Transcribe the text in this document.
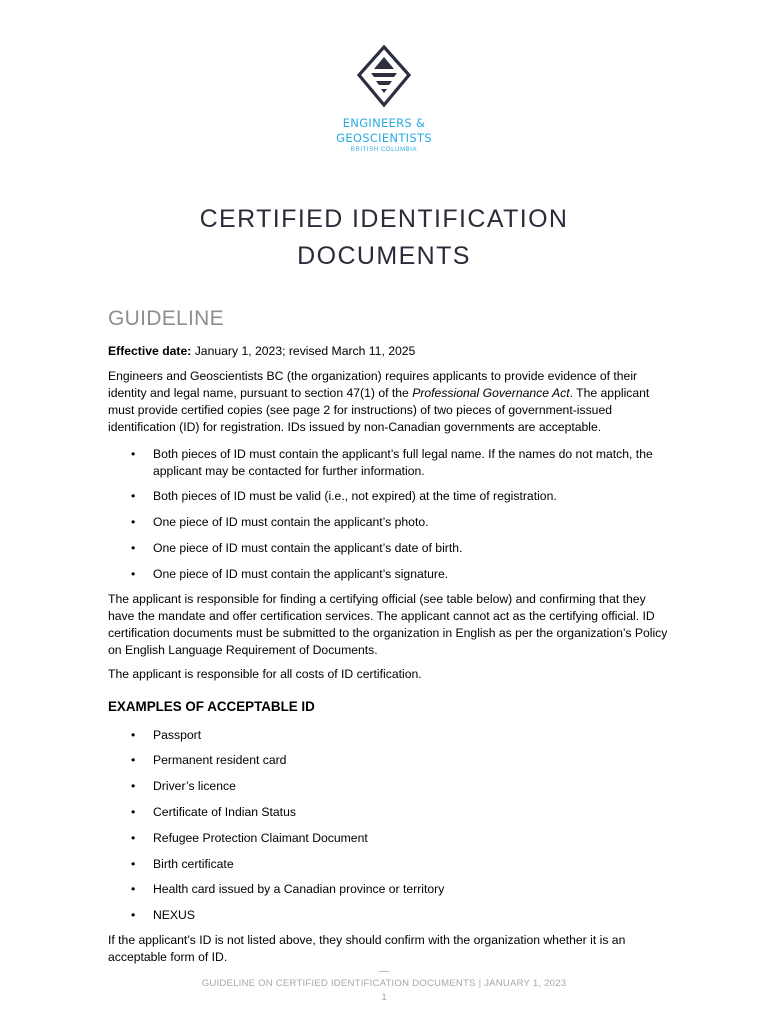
ENGINEERS &
GEOSCIENTISTS
BRITISH COLUMBIA
CERTIFIED IDENTIFICATION
DOCUMENTS
GUIDELINE

Effective date: January 1, 2023; revised March 11, 2025

Engineers and Geoscientists BC (the organization) requires applicants to provide evidence of their identity and legal name, pursuant to section 47(1) of the Professional Governance Act. The applicant must provide certified copies (see page 2 for instructions) of two pieces of government-issued identification (ID) for registration. IDs issued by non-Canadian governments are acceptable.

• Both pieces of ID must contain the applicant’s full legal name. If the names do not match, the applicant may be contacted for further information.
• Both pieces of ID must be valid (i.e., not expired) at the time of registration.
• One piece of ID must contain the applicant’s photo.
• One piece of ID must contain the applicant’s date of birth.
• One piece of ID must contain the applicant’s signature.

The applicant is responsible for finding a certifying official (see table below) and confirming that they have the mandate and offer certification services. The applicant cannot act as the certifying official. ID certification documents must be submitted to the organization in English as per the organization’s Policy on English Language Requirement of Documents.

The applicant is responsible for all costs of ID certification.

EXAMPLES OF ACCEPTABLE ID
• Passport
• Permanent resident card
• Driver’s licence
• Certificate of Indian Status
• Refugee Protection Claimant Document
• Birth certificate
• Health card issued by a Canadian province or territory
• NEXUS

If the applicant’s ID is not listed above, they should confirm with the organization whether it is an acceptable form of ID.

GUIDELINE ON CERTIFIED IDENTIFICATION DOCUMENTS | JANUARY 1, 2023
1
